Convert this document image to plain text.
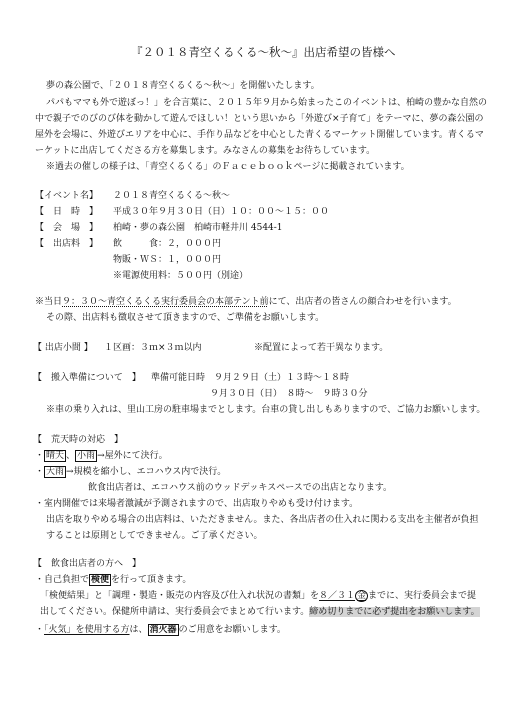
『２０１８青空くるくる～秋～』出店希望の皆様へ
夢の森公園で、「２０１８青空くるくる～秋～」を開催いたします。
パパもママも外で遊ぼっ！」を合言葉に、２０１５年９月から始まったこのイベントは、柏崎の豊かな自然の
中で親子でのびのび体を動かして遊んでほしい！という思いから「外遊び×子育て」をテーマに、夢の森公園の
屋外を会場に、外遊びエリアを中心に、手作り品などを中心とした青くるマーケット開催しています。青くるマ
ーケットに出店してくださる方を募集します。みなさんの募集をお待ちしています。
※過去の催しの様子は、「青空くるくる」のＦａｃｅｂｏｏｋページに掲載されています。
【イベント名】 ２０１８青空くるくる～秋～
【　日　時　】 平成３０年９月３０日（日）１０：００～１５：００
【　会　場　】 柏崎・夢の森公園　柏崎市軽井川 4544-1
【　出店料　】 飲　　　食：２，０００円
物販・ＷＳ：１，０００円
※電源使用料：５００円（別途）
※当日９：３０～青空くるくる実行委員会の本部テント前にて、出店者の皆さんの顔合わせを行います。
その際、出店料も徴収させて頂きますので、ご準備をお願いします。
【 出店小間 】 １区画：３ｍ×３ｍ以内	※配置によって若干異なります。
【　搬入準備について　】 準備可能日時　９月２９日（土）１３時～１８時
９月３０日（日）　８時～　９時３０分
※車の乗り入れは、里山工房の駐車場までとします。台車の貸し出しもありますので、ご協力お願いします。
【　荒天時の対応　】
・ 晴天 、 小雨 →屋外にて決行。
・ 大雨 →規模を縮小し、エコハウス内で決行。
飲食出店者は、エコハウス前のウッドデッキスペースでの出店となります。
・室内開催では来場者激減が予測されますので、出店取りやめも受け付けます。
出店を取りやめる場合の出店料は、いただきません。また、各出店者の仕入れに関わる支出を主催者が負担
することは原則としてできません。ご了承ください。
【　飲食出店者の方へ　】
・自己負担で 検便 を行って頂きます。
「検便結果」と「調理・製造・販売の内容及び仕入れ状況の書類」を８／３１ 金 までに、実行委員会まで提
出してください。保健所申請は、実行委員会でまとめて行います。締め切りまでに必ず提出をお願いします。
・「火気」を使用する方は、 消火器 のご用意をお願いします。
